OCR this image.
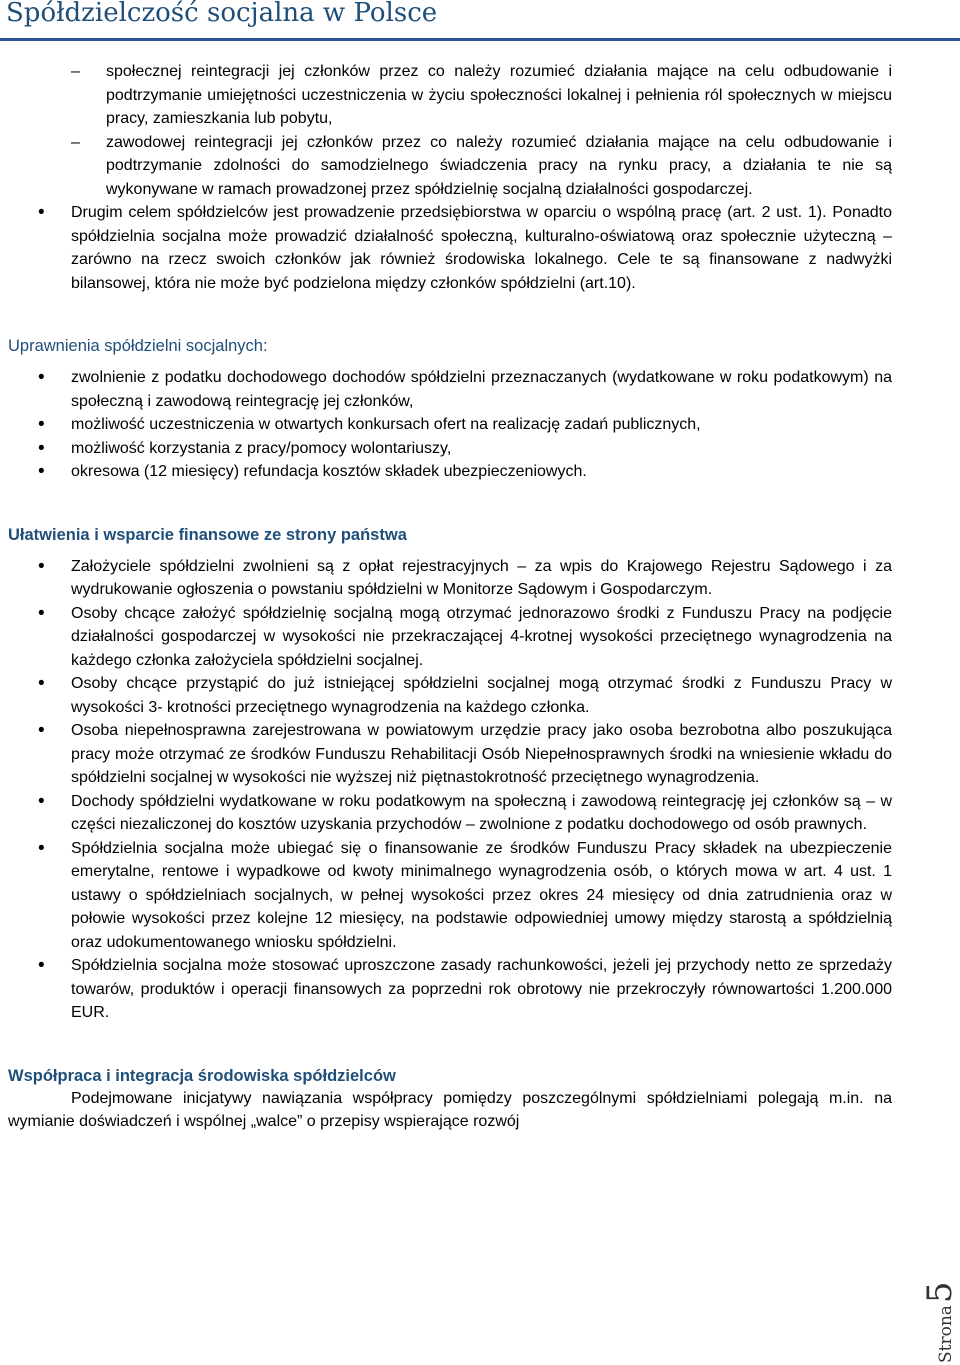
Spółdzielczość socjalna w Polsce
– społecznej reintegracji jej członków przez co należy rozumieć działania mające na celu odbudowanie i podtrzymanie umiejętności uczestniczenia w życiu społeczności lokalnej i pełnienia ról społecznych w miejscu pracy, zamieszkania lub pobytu,
– zawodowej reintegracji jej członków przez co należy rozumieć działania mające na celu odbudowanie i podtrzymanie zdolności do samodzielnego świadczenia pracy na rynku pracy, a działania te nie są wykonywane w ramach prowadzonej przez spółdzielnię socjalną działalności gospodarczej.
• Drugim celem spółdzielców jest prowadzenie przedsiębiorstwa w oparciu o wspólną pracę (art. 2 ust. 1). Ponadto spółdzielnia socjalna może prowadzić działalność społeczną, kulturalno-oświatową oraz społecznie użyteczną – zarówno na rzecz swoich członków jak również środowiska lokalnego. Cele te są finansowane z nadwyżki bilansowej, która nie może być podzielona między członków spółdzielni (art.10).
Uprawnienia spółdzielni socjalnych:
• zwolnienie z podatku dochodowego dochodów spółdzielni przeznaczanych (wydatkowane w roku podatkowym) na społeczną i zawodową reintegrację jej członków,
• możliwość uczestniczenia w otwartych konkursach ofert na realizację zadań publicznych,
• możliwość korzystania z pracy/pomocy wolontariuszy,
• okresowa (12 miesięcy) refundacja kosztów składek ubezpieczeniowych.
Ułatwienia i wsparcie finansowe ze strony państwa
• Założyciele spółdzielni zwolnieni są z opłat rejestracyjnych – za wpis do Krajowego Rejestru Sądowego i za wydrukowanie ogłoszenia o powstaniu spółdzielni w Monitorze Sądowym i Gospodarczym.
• Osoby chcące założyć spółdzielnię socjalną mogą otrzymać jednorazowo środki z Funduszu Pracy na podjęcie działalności gospodarczej w wysokości nie przekraczającej 4-krotnej wysokości przeciętnego wynagrodzenia na każdego członka założyciela spółdzielni socjalnej.
• Osoby chcące przystąpić do już istniejącej spółdzielni socjalnej mogą otrzymać środki z Funduszu Pracy w wysokości 3- krotności przeciętnego wynagrodzenia na każdego członka.
• Osoba niepełnosprawna zarejestrowana w powiatowym urzędzie pracy jako osoba bezrobotna albo poszukująca pracy może otrzymać ze środków Funduszu Rehabilitacji Osób Niepełnosprawnych środki na wniesienie wkładu do spółdzielni socjalnej w wysokości nie wyższej niż piętnastokrotność przeciętnego wynagrodzenia.
• Dochody spółdzielni wydatkowane w roku podatkowym na społeczną i zawodową reintegrację jej członków są – w części niezaliczonej do kosztów uzyskania przychodów – zwolnione z podatku dochodowego od osób prawnych.
• Spółdzielnia socjalna może ubiegać się o finansowanie ze środków Funduszu Pracy składek na ubezpieczenie emerytalne, rentowe i wypadkowe od kwoty minimalnego wynagrodzenia osób, o których mowa w art. 4 ust. 1 ustawy o spółdzielniach socjalnych, w pełnej wysokości przez okres 24 miesięcy od dnia zatrudnienia oraz w połowie wysokości przez kolejne 12 miesięcy, na podstawie odpowiedniej umowy między starostą a spółdzielnią oraz udokumentowanego wniosku spółdzielni.
• Spółdzielnia socjalna może stosować uproszczone zasady rachunkowości, jeżeli jej przychody netto ze sprzedaży towarów, produktów i operacji finansowych za poprzedni rok obrotowy nie przekroczyły równowartości 1.200.000 EUR.
Współpraca i integracja środowiska spółdzielców

Podejmowane inicjatywy nawiązania współpracy pomiędzy poszczególnymi spółdzielniami polegają m.in. na wymianie doświadczeń i wspólnej „walce” o przepisy wspierające rozwój

Strona5
